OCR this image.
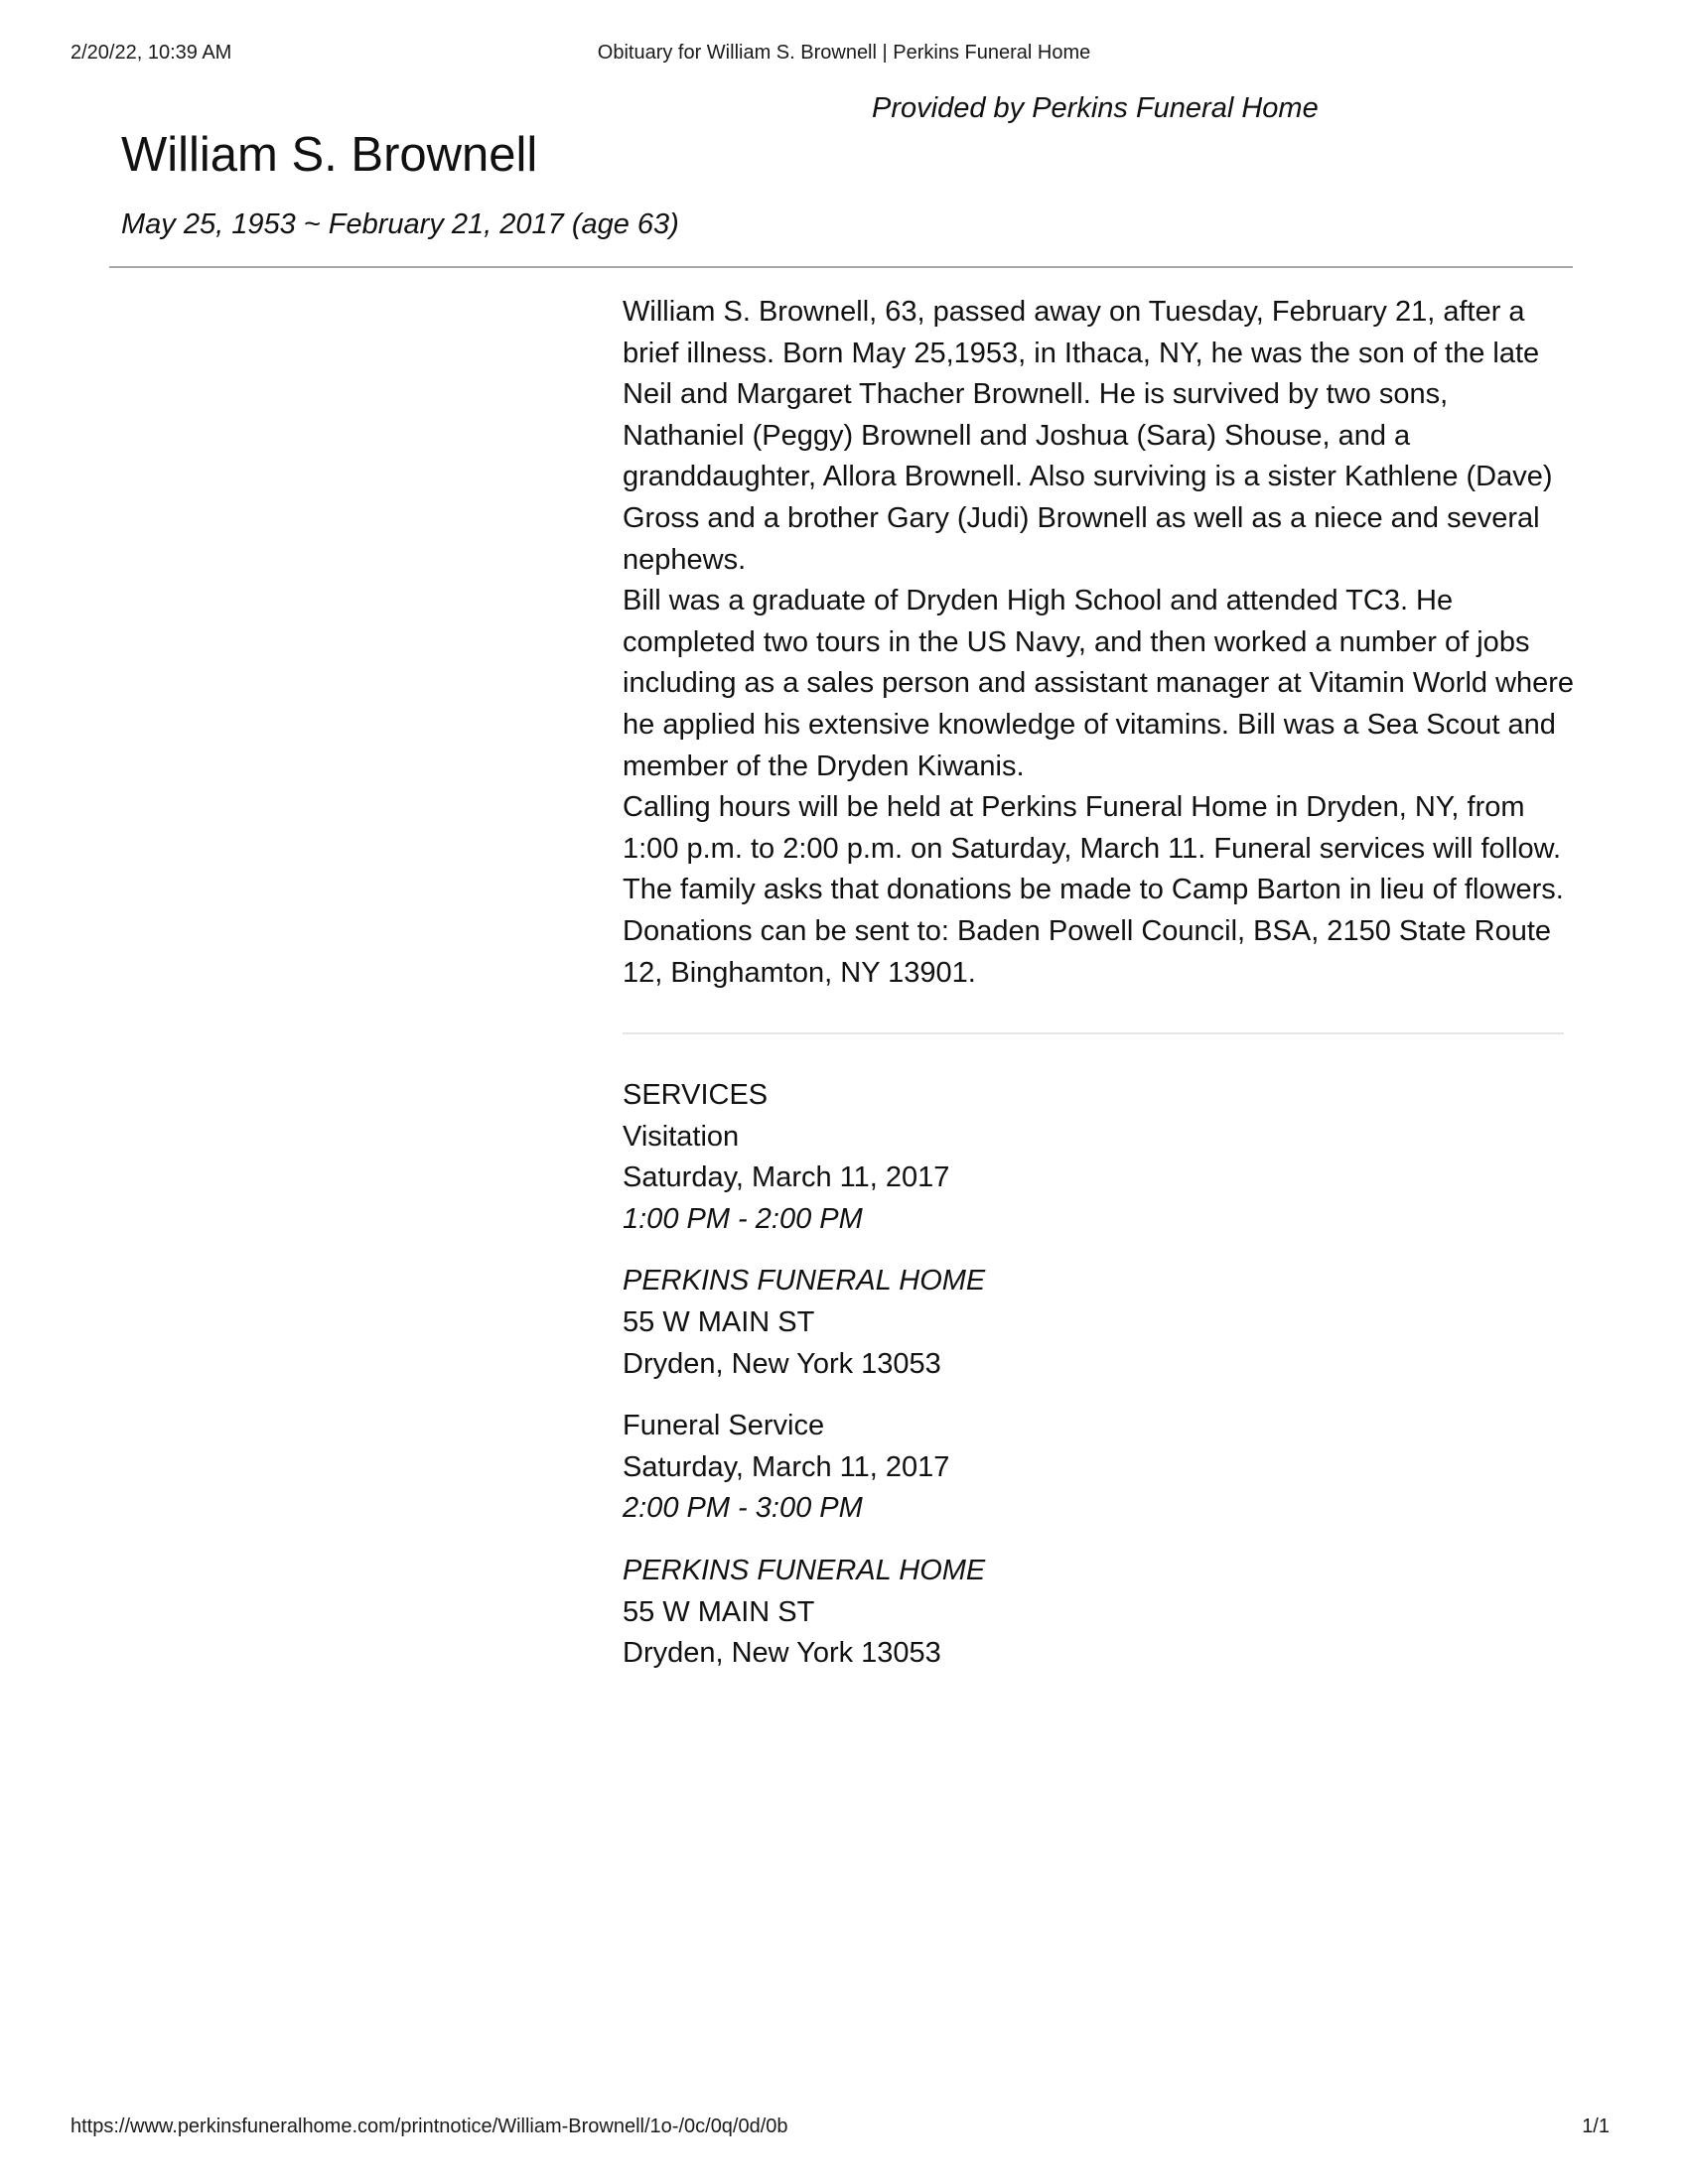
2/20/22, 10:39 AM	Obituary for William S. Brownell | Perkins Funeral Home
Provided by Perkins Funeral Home
William S. Brownell
May 25, 1953 ~ February 21, 2017 (age 63)

William S. Brownell, 63, passed away on Tuesday, February 21, after a brief illness. Born May 25,1953, in Ithaca, NY, he was the son of the late Neil and Margaret Thacher Brownell. He is survived by two sons, Nathaniel (Peggy) Brownell and Joshua (Sara) Shouse, and a granddaughter, Allora Brownell. Also surviving is a sister Kathlene (Dave) Gross and a brother Gary (Judi) Brownell as well as a niece and several nephews.

Bill was a graduate of Dryden High School and attended TC3. He completed two tours in the US Navy, and then worked a number of jobs including as a sales person and assistant manager at Vitamin World where he applied his extensive knowledge of vitamins. Bill was a Sea Scout and member of the Dryden Kiwanis.

Calling hours will be held at Perkins Funeral Home in Dryden, NY, from 1:00 p.m. to 2:00 p.m. on Saturday, March 11. Funeral services will follow. The family asks that donations be made to Camp Barton in lieu of flowers. Donations can be sent to: Baden Powell Council, BSA, 2150 State Route 12, Binghamton, NY 13901.

SERVICES
Visitation
Saturday, March 11, 2017
1:00 PM - 2:00 PM
PERKINS FUNERAL HOME
55 W MAIN ST
Dryden, New York 13053
Funeral Service
Saturday, March 11, 2017
2:00 PM - 3:00 PM
PERKINS FUNERAL HOME
55 W MAIN ST
Dryden, New York 13053
https://www.perkinsfuneralhome.com/printnotice/William-Brownell/1o-/0c/0q/0d/0b	1/1
